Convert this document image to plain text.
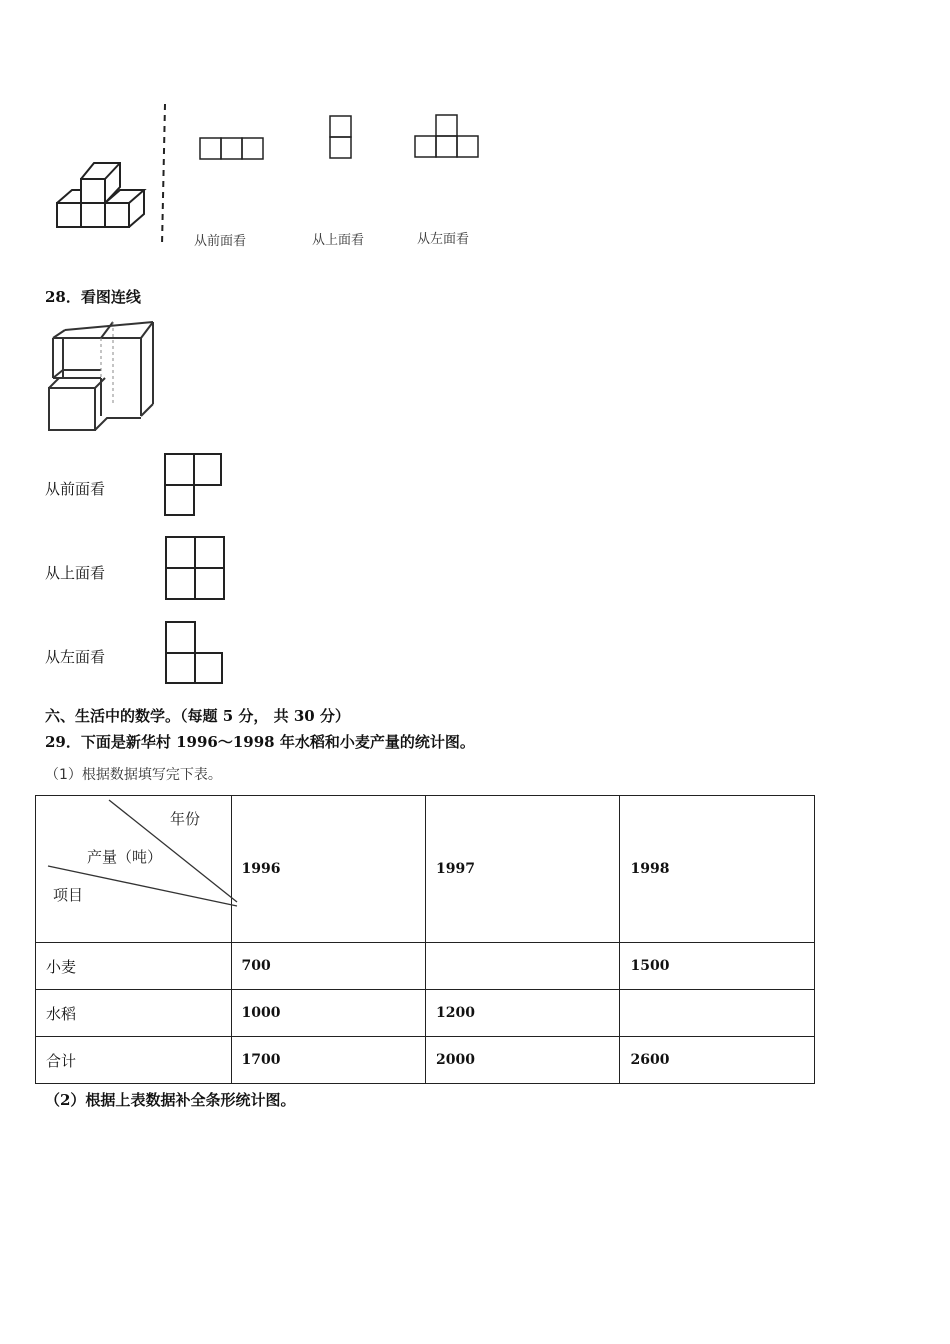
从前面看	从上面看	从左面看
28．看图连线
从前面看
从上面看
从左面看
六、生活中的数学。（每题 5 分， 共 30 分）
29．下面是新华村 1996～1998 年水稻和小麦产量的统计图。
（1）根据数据填写完下表。
年份
产量（吨）
项目	1996	1997	1998
小麦	700		1500
水稻	1000	1200	
合计	1700	2000	2600
（2）根据上表数据补全条形统计图。
